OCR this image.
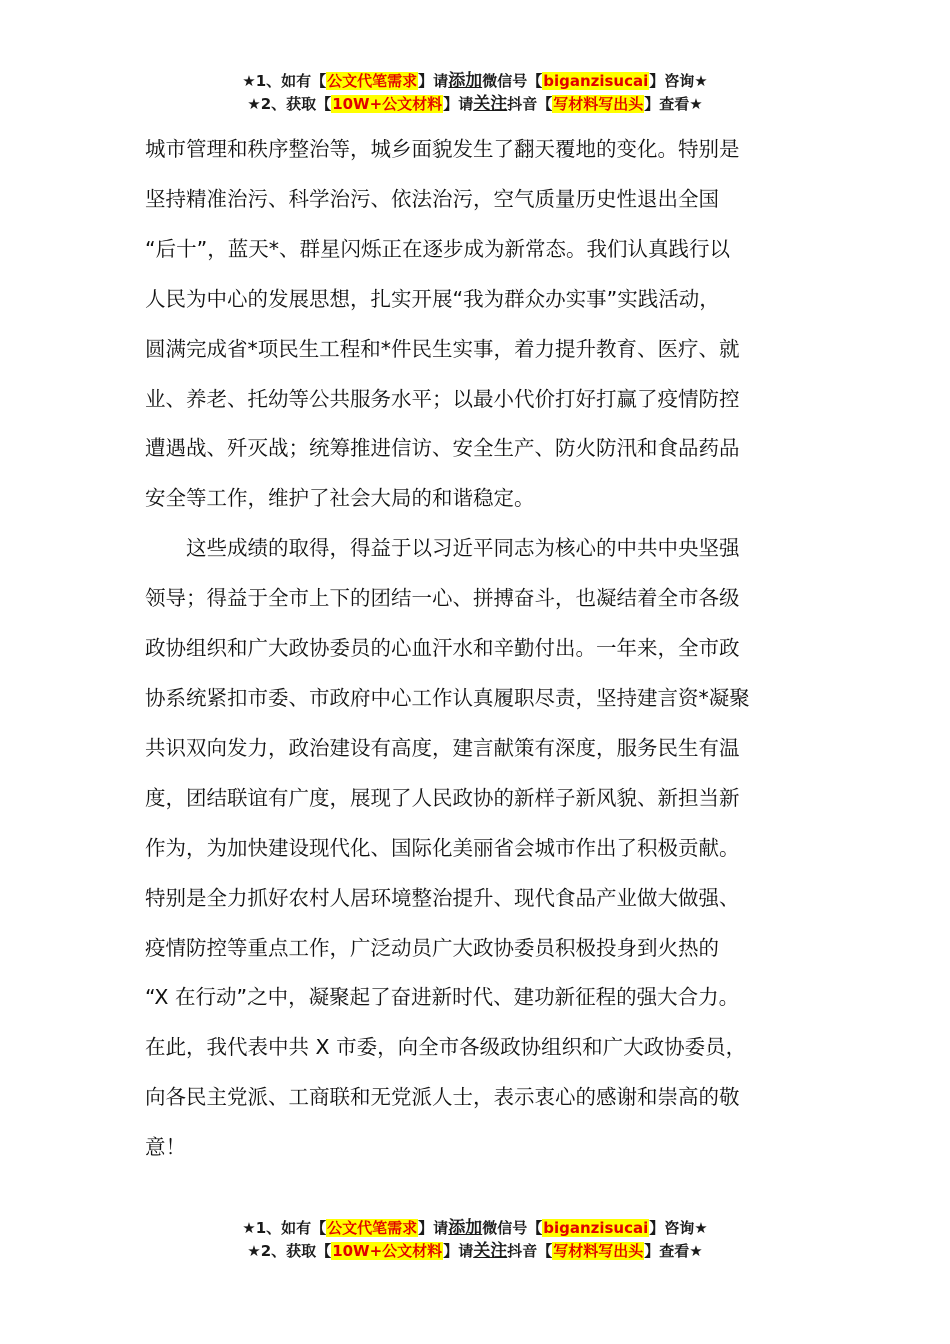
★1、如有【公文代笔需求】请添加微信号【biganzisucai】咨询★
★2、获取【10W+公文材料】请关注抖音【写材料写出头】查看★

城市管理和秩序整治等，城乡面貌发生了翻天覆地的变化。特别是
坚持精准治污、科学治污、依法治污，空气质量历史性退出全国
“后十”，蓝天*、群星闪烁正在逐步成为新常态。我们认真践行以
人民为中心的发展思想，扎实开展“我为群众办实事”实践活动，
圆满完成省*项民生工程和*件民生实事，着力提升教育、医疗、就
业、养老、托幼等公共服务水平；以最小代价打好打赢了疫情防控
遭遇战、歼灭战；统筹推进信访、安全生产、防火防汛和食品药品
安全等工作，维护了社会大局的和谐稳定。

这些成绩的取得，得益于以习近平同志为核心的中共中央坚强
领导；得益于全市上下的团结一心、拼搏奋斗，也凝结着全市各级
政协组织和广大政协委员的心血汗水和辛勤付出。一年来，全市政
协系统紧扣市委、市政府中心工作认真履职尽责，坚持建言资*凝聚
共识双向发力，政治建设有高度，建言献策有深度，服务民生有温
度，团结联谊有广度，展现了人民政协的新样子新风貌、新担当新
作为，为加快建设现代化、国际化美丽省会城市作出了积极贡献。
特别是全力抓好农村人居环境整治提升、现代食品产业做大做强、
疫情防控等重点工作，广泛动员广大政协委员积极投身到火热的
“X 在行动”之中，凝聚起了奋进新时代、建功新征程的强大合力。
在此，我代表中共 X 市委，向全市各级政协组织和广大政协委员，
向各民主党派、工商联和无党派人士，表示衷心的感谢和崇高的敬
意！

★1、如有【公文代笔需求】请添加微信号【biganzisucai】咨询★
★2、获取【10W+公文材料】请关注抖音【写材料写出头】查看★
